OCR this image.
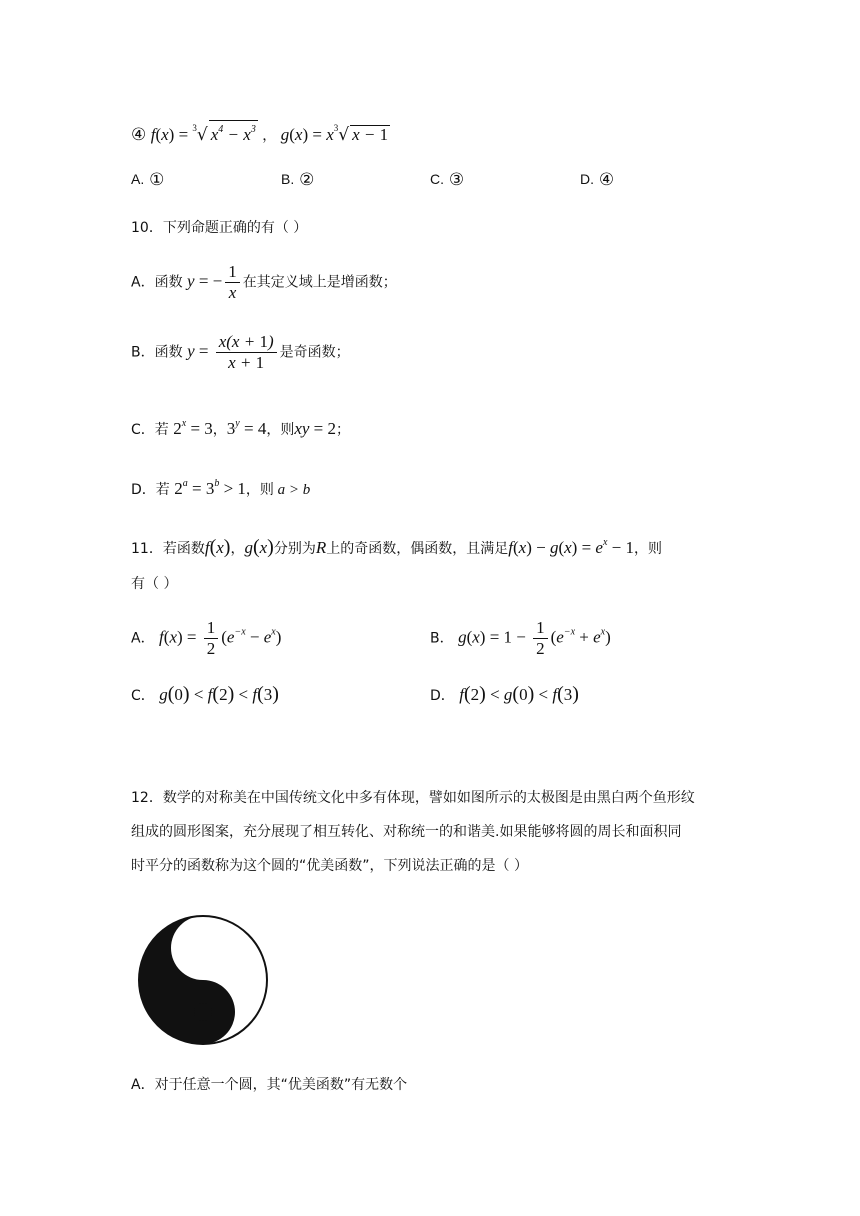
④ f(x) = $^3$√ $x^4 - x^3$ ， $g(x) = x^3√$ x − 1
A. ①	B. ②	C. ③	D. ④
10．下列命题正确的有（ ）
A．函数 y = − $\frac{1}{x}$ 在其定义域上是增函数；
B．函数 $y = \frac{x(x + 1)}{x + 1}$ 是奇函数；
C．若 $2^x = 3$，$3^y = 4$，则xy = 2；
D．若 $2^a = 3^b > 1$，则 a > b
11．若函数f(x)，g(x)分别为R上的奇函数，偶函数，且满足$f(x) - g(x) = e^x - 1$，则
有（ ）
A． $f(x) = \frac{1}{2} (e^{-x} - e^x)$	B． $g(x) = 1 - \frac{1}{2} (e^{-x} + e^x)$
C． g(0) < f(2) < f(3)	D． f(2) < g(0) < f(3)
12．数学的对称美在中国传统文化中多有体现，譬如如图所示的太极图是由黑白两个鱼形纹
组成的圆形图案，充分展现了相互转化、对称统一的和谐美.如果能够将圆的周长和面积同
时平分的函数称为这个圆的“优美函数”，下列说法正确的是（ ）
A．对于任意一个圆，其“优美函数”有无数个
